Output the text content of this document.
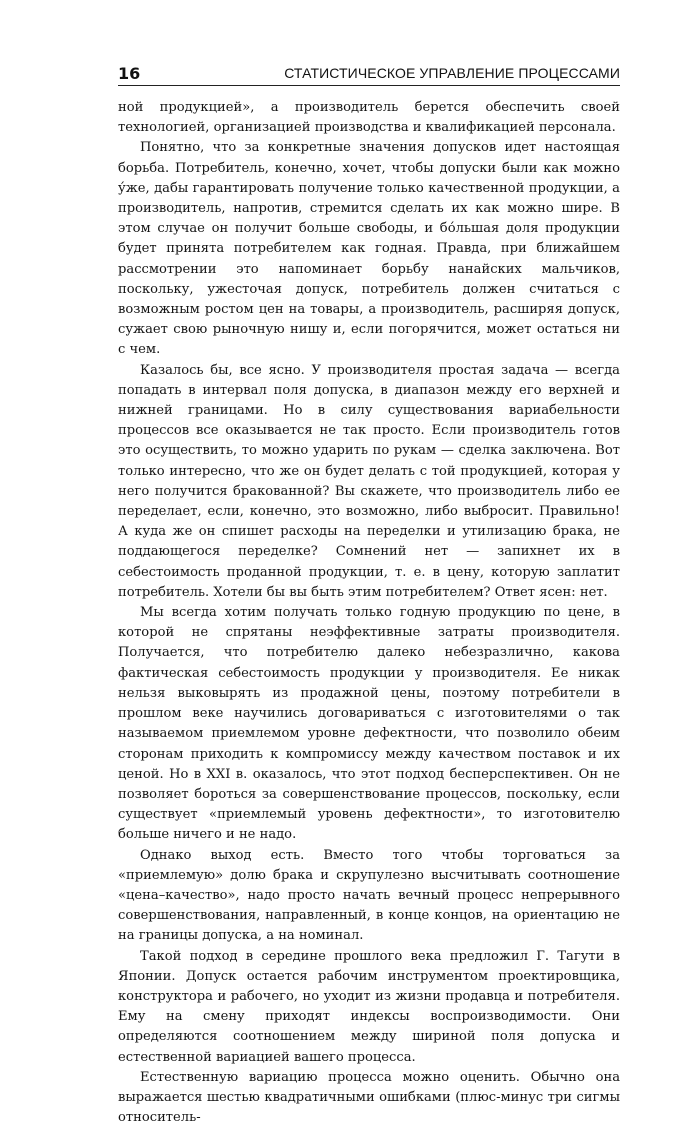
16	СТАТИСТИЧЕСКОЕ УПРАВЛЕНИЕ ПРОЦЕССАМИ

ной продукцией», а производитель берется обеспечить своей технологией, организацией производства и квалификацией персонала.

Понятно, что за конкретные значения допусков идет настоящая борьба. Потребитель, конечно, хочет, чтобы допуски были как можно у́же, дабы гарантировать получение только качественной продукции, а производитель, напротив, стремится сделать их как можно шире. В этом случае он получит больше свободы, и бо́льшая доля продукции будет принята потребителем как годная. Правда, при ближайшем рассмотрении это напоминает борьбу нанайских мальчиков, поскольку, ужесточая допуск, потребитель должен считаться с возможным ростом цен на товары, а производитель, расширяя допуск, сужает свою рыночную нишу и, если погорячится, может остаться ни с чем.

Казалось бы, все ясно. У производителя простая задача — всегда попадать в интервал поля допуска, в диапазон между его верхней и нижней границами. Но в силу существования вариабельности процессов все оказывается не так просто. Если производитель готов это осуществить, то можно ударить по рукам — сделка заключена. Вот только интересно, что же он будет делать с той продукцией, которая у него получится бракованной? Вы скажете, что производитель либо ее переделает, если, конечно, это возможно, либо выбросит. Правильно! А куда же он спишет расходы на переделки и утилизацию брака, не поддающегося переделке? Сомнений нет — запихнет их в себестоимость проданной продукции, т. е. в цену, которую заплатит потребитель. Хотели бы вы быть этим потребителем? Ответ ясен: нет.

Мы всегда хотим получать только годную продукцию по цене, в которой не спрятаны неэффективные затраты производителя. Получается, что потребителю далеко небезразлично, какова фактическая себестоимость продукции у производителя. Ее никак нельзя выковырять из продажной цены, поэтому потребители в прошлом веке научились договариваться с изготовителями о так называемом приемлемом уровне дефектности, что позволило обеим сторонам приходить к компромиссу между качеством поставок и их ценой. Но в XXI в. оказалось, что этот подход бесперспективен. Он не позволяет бороться за совершенствование процессов, поскольку, если существует «приемлемый уровень дефектности», то изготовителю больше ничего и не надо.

Однако выход есть. Вместо того чтобы торговаться за «приемлемую» долю брака и скрупулезно высчитывать соотношение «цена–качество», надо просто начать вечный процесс непрерывного совершенствования, направленный, в конце концов, на ориентацию не на границы допуска, а на номинал.

Такой подход в середине прошлого века предложил Г. Тагути в Японии. Допуск остается рабочим инструментом проектировщика, конструктора и рабочего, но уходит из жизни продавца и потребителя. Ему на смену приходят индексы воспроизводимости. Они определяются соотношением между шириной поля допуска и естественной вариацией вашего процесса.

Естественную вариацию процесса можно оценить. Обычно она выражается шестью квадратичными ошибками (плюс-минус три сигмы относитель-
